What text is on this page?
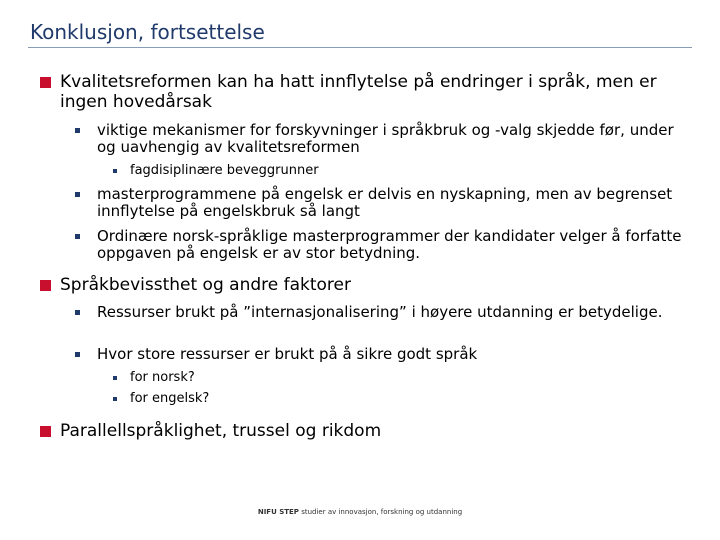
Konklusjon, fortsettelse
Kvalitetsreformen kan ha hatt innflytelse på endringer i språk, men er ingen hovedårsak
viktige mekanismer for forskyvninger i språkbruk og -valg skjedde før, under og uavhengig av kvalitetsreformen
fagdisiplinære beveggrunner
masterprogrammene på engelsk er delvis en nyskapning, men av begrenset innflytelse på engelskbruk så langt
Ordinære norsk-språklige masterprogrammer der kandidater velger å forfatte oppgaven på engelsk er av stor betydning.
Språkbevissthet og andre faktorer
Ressurser brukt på ”internasjonalisering” i høyere utdanning er betydelige.
Hvor store ressurser er brukt på å sikre godt språk
for norsk?
for engelsk?
Parallellspråklighet, trussel og rikdom
NIFU STEP studier av innovasjon, forskning og utdanning
